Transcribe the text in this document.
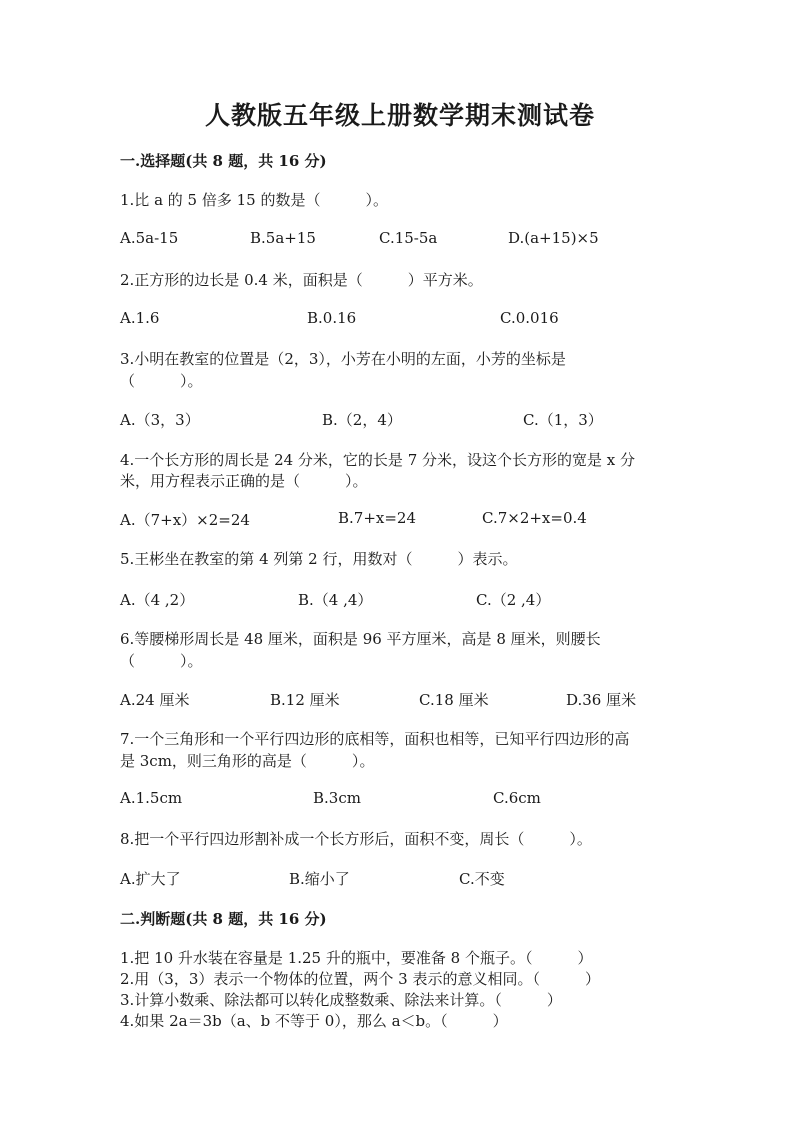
人教版五年级上册数学期末测试卷
一.选择题(共 8 题，共 16 分)
1.比 a 的 5 倍多 15 的数是（　　　）。
A.5a-15	B.5a+15	C.15-5a	D.(a+15)×5
2.正方形的边长是 0.4 米，面积是（　　　）平方米。
A.1.6	B.0.16	C.0.016
3.小明在教室的位置是（2，3），小芳在小明的左面，小芳的坐标是
（　　　）。
A.（3，3）	B.（2，4）	C.（1，3）
4.一个长方形的周长是 24 分米，它的长是 7 分米，设这个长方形的宽是 x 分
米，用方程表示正确的是（　　　）。
A.（7+x）×2=24	B.7+x=24	C.7×2+x=0.4
5.王彬坐在教室的第 4 列第 2 行，用数对（　　　）表示。
A.（4 ,2）	B.（4 ,4）	C.（2 ,4）
6.等腰梯形周长是 48 厘米，面积是 96 平方厘米，高是 8 厘米，则腰长
（　　　）。
A.24 厘米	B.12 厘米	C.18 厘米	D.36 厘米
7.一个三角形和一个平行四边形的底相等，面积也相等，已知平行四边形的高
是 3cm，则三角形的高是（　　　）。
A.1.5cm	B.3cm	C.6cm
8.把一个平行四边形割补成一个长方形后，面积不变，周长（　　　）。
A.扩大了	B.缩小了	C.不变
二.判断题(共 8 题，共 16 分)
1.把 10 升水装在容量是 1.25 升的瓶中，要准备 8 个瓶子。（　　　）
2.用（3，3）表示一个物体的位置，两个 3 表示的意义相同。（　　　）
3.计算小数乘、除法都可以转化成整数乘、除法来计算。（　　　）
4.如果 2a＝3b（a、b 不等于 0），那么 a＜b。（　　　）
